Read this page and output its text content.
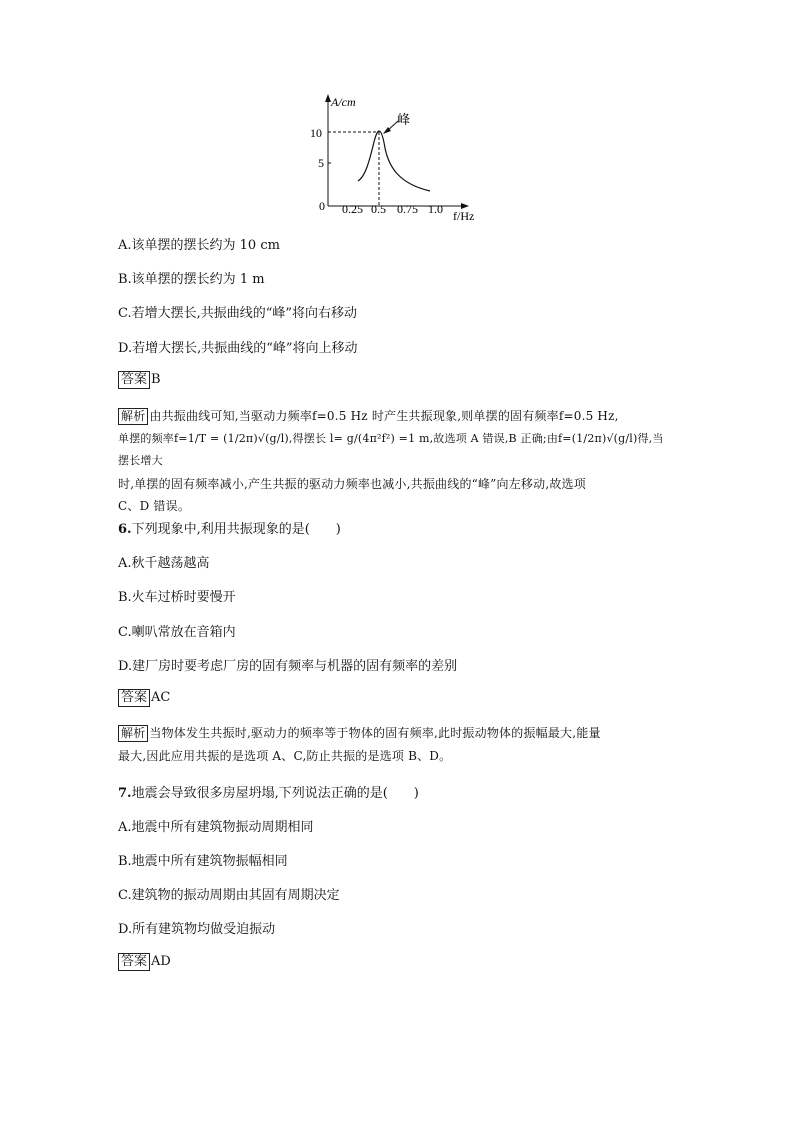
A/cm
f/Hz
0
10
5
0.25 0.5 0.75 1.0
峰
A.该单摆的摆长约为 10 cm
B.该单摆的摆长约为 1 m
C.若增大摆长,共振曲线的“峰”将向右移动
D.若增大摆长,共振曲线的“峰”将向上移动
答案 B
解析 由共振曲线可知,当驱动力频率f=0.5 Hz 时产生共振现象,则单摆的固有频率f=0.5 Hz,
单摆的频率f=1/T = (1/2π)√(g/l),得摆长 l= g/(4π²f²) =1 m,故选项 A 错误,B 正确;由f=(1/2π)√(g/l)得,当摆长增大
时,单摆的固有频率减小,产生共振的驱动力频率也减小,共振曲线的“峰”向左移动,故选项
C、D 错误。
6.下列现象中,利用共振现象的是(　　)
A.秋千越荡越高
B.火车过桥时要慢开
C.喇叭常放在音箱内
D.建厂房时要考虑厂房的固有频率与机器的固有频率的差别
答案 AC
解析 当物体发生共振时,驱动力的频率等于物体的固有频率,此时振动物体的振幅最大,能量
最大,因此应用共振的是选项 A、C,防止共振的是选项 B、D。
7.地震会导致很多房屋坍塌,下列说法正确的是(　　)
A.地震中所有建筑物振动周期相同
B.地震中所有建筑物振幅相同
C.建筑物的振动周期由其固有周期决定
D.所有建筑物均做受迫振动
答案 AD
